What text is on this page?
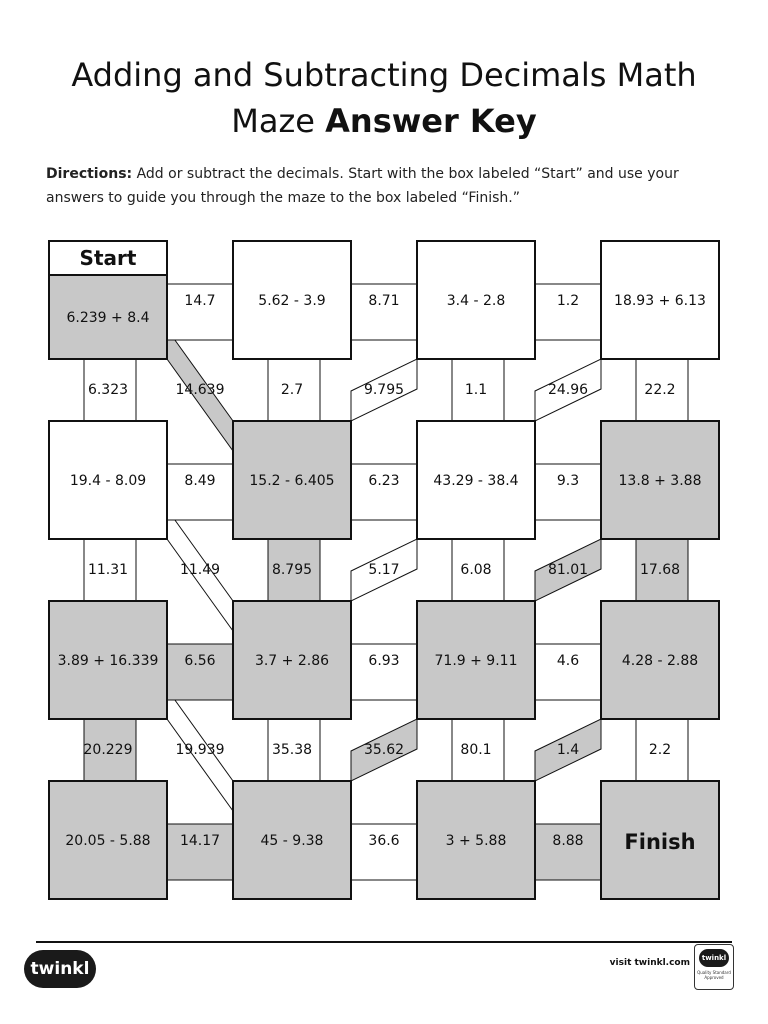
Adding and Subtracting Decimals Math
Maze Answer Key
Directions: Add or subtract the decimals. Start with the box labeled “Start” and use your answers to guide you through the maze to the box labeled “Finish.”
14.639	9.795	24.96
11.49	5.17	81.01
19.939	35.62	1.4
6.323	2.7	1.1	22.2
11.31	8.795	6.08	17.68
20.229	35.38	80.1	2.2
14.7	8.71	1.2
8.49	6.23	9.3
6.56	6.93	4.6
14.17	36.6	8.88
Start
6.239 + 8.4
5.62 - 3.9	3.4 - 2.8	18.93 + 6.13
19.4 - 8.09	15.2 - 6.405	43.29 - 38.4	13.8 + 3.88
3.89 + 16.339	3.7 + 2.86	71.9 + 9.11	4.28 - 2.88
20.05 - 5.88	45 - 9.38	3 + 5.88	Finish
twinkl	visit twinkl.com	twinkl
Quality Standard Approved
